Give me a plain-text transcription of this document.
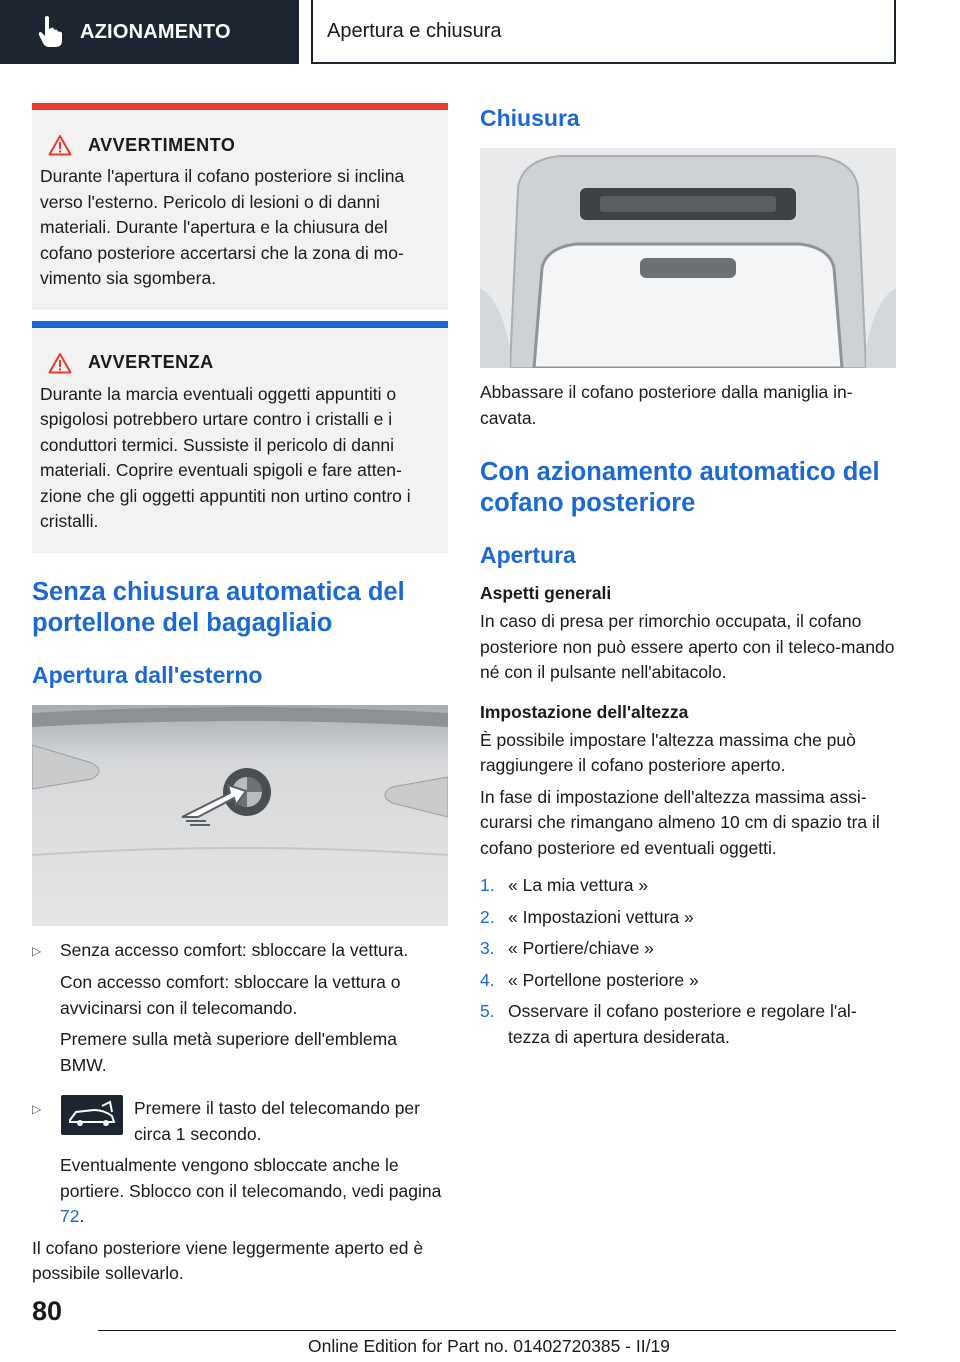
AZIONAMENTO	Apertura e chiusura
AVVERTIMENTO

Durante l'apertura il cofano posteriore si inclina verso l'esterno. Pericolo di lesioni o di danni materiali. Durante l'apertura e la chiusura del cofano posteriore accertarsi che la zona di mo-vimento sia sgombera.

AVVERTENZA

Durante la marcia eventuali oggetti appuntiti o spigolosi potrebbero urtare contro i cristalli e i conduttori termici. Sussiste il pericolo di danni materiali. Coprire eventuali spigoli e fare atten-zione che gli oggetti appuntiti non urtino contro i cristalli.

Senza chiusura automatica del portellone del bagagliaio
Apertura dall'esterno
▷	Senza accesso comfort: sbloccare la vettura.
Con accesso comfort: sbloccare la vettura o avvicinarsi con il telecomando.
Premere sulla metà superiore dell'emblema BMW.
▷	Premere il tasto del telecomando per circa 1 secondo.
Eventualmente vengono sbloccate anche le portiere. Sblocco con il telecomando, vedi pagina 72.
Il cofano posteriore viene leggermente aperto ed è possibile sollevarlo.
Chiusura
Abbassare il cofano posteriore dalla maniglia in-cavata.
Con azionamento automatico del cofano posteriore
Apertura
Aspetti generali
In caso di presa per rimorchio occupata, il cofano posteriore non può essere aperto con il teleco-mando né con il pulsante nell'abitacolo.
Impostazione dell'altezza
È possibile impostare l'altezza massima che può raggiungere il cofano posteriore aperto.
In fase di impostazione dell'altezza massima assi-curarsi che rimangano almeno 10 cm di spazio tra il cofano posteriore ed eventuali oggetti.
1. « La mia vettura »
2. « Impostazioni vettura »
3. « Portiere/chiave »
4. « Portellone posteriore »
5. Osservare il cofano posteriore e regolare l'al-tezza di apertura desiderata.
80
Online Edition for Part no. 01402720385 - II/19
